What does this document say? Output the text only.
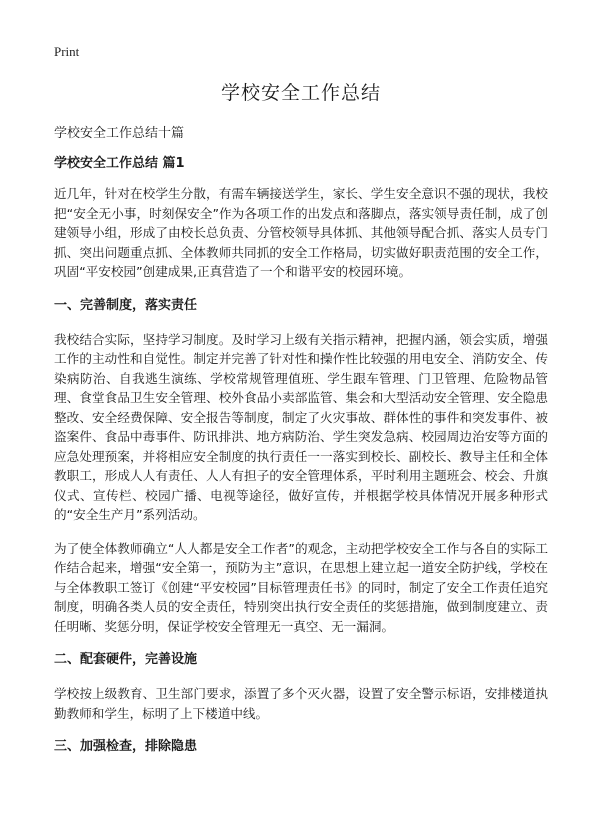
Print
学校安全工作总结

学校安全工作总结十篇

学校安全工作总结 篇1

近几年，针对在校学生分散，有需车辆接送学生，家长、学生安全意识不强的现状，我校把“安全无小事，时刻保安全”作为各项工作的出发点和落脚点，落实领导责任制，成了创建领导小组，形成了由校长总负责、分管校领导具体抓、其他领导配合抓、落实人员专门抓、突出问题重点抓、全体教师共同抓的安全工作格局，切实做好职责范围的安全工作，巩固“平安校园”创建成果,正真营造了一个和谐平安的校园环境。

一、完善制度，落实责任

我校结合实际，坚持学习制度。及时学习上级有关指示精神，把握内涵，领会实质，增强工作的主动性和自觉性。制定并完善了针对性和操作性比较强的用电安全、消防安全、传染病防治、自我逃生演练、学校常规管理值班、学生跟车管理、门卫管理、危险物品管理、食堂食品卫生安全管理、校外食品小卖部监管、集会和大型活动安全管理、安全隐患整改、安全经费保障、安全报告等制度，制定了火灾事故、群体性的事件和突发事件、被盗案件、食品中毒事件、防讯排洪、地方病防治、学生突发急病、校园周边治安等方面的应急处理预案，并将相应安全制度的执行责任一一落实到校长、副校长、教导主任和全体教职工，形成人人有责任、人人有担子的安全管理体系，平时利用主题班会、校会、升旗仪式、宣传栏、校园广播、电视等途径，做好宣传，并根据学校具体情况开展多种形式的“安全生产月”系列活动。

为了使全体教师确立“人人都是安全工作者”的观念，主动把学校安全工作与各自的实际工作结合起来，增强“安全第一，预防为主”意识，在思想上建立起一道安全防护线，学校在与全体教职工签订《创建“平安校园”目标管理责任书》的同时，制定了安全工作责任追究制度，明确各类人员的安全责任，特别突出执行安全责任的奖惩措施，做到制度建立、责任明晰、奖惩分明，保证学校安全管理无一真空、无一漏洞。

二、配套硬件，完善设施

学校按上级教育、卫生部门要求，添置了多个灭火器，设置了安全警示标语，安排楼道执勤教师和学生，标明了上下楼道中线。

三、加强检查，排除隐患
